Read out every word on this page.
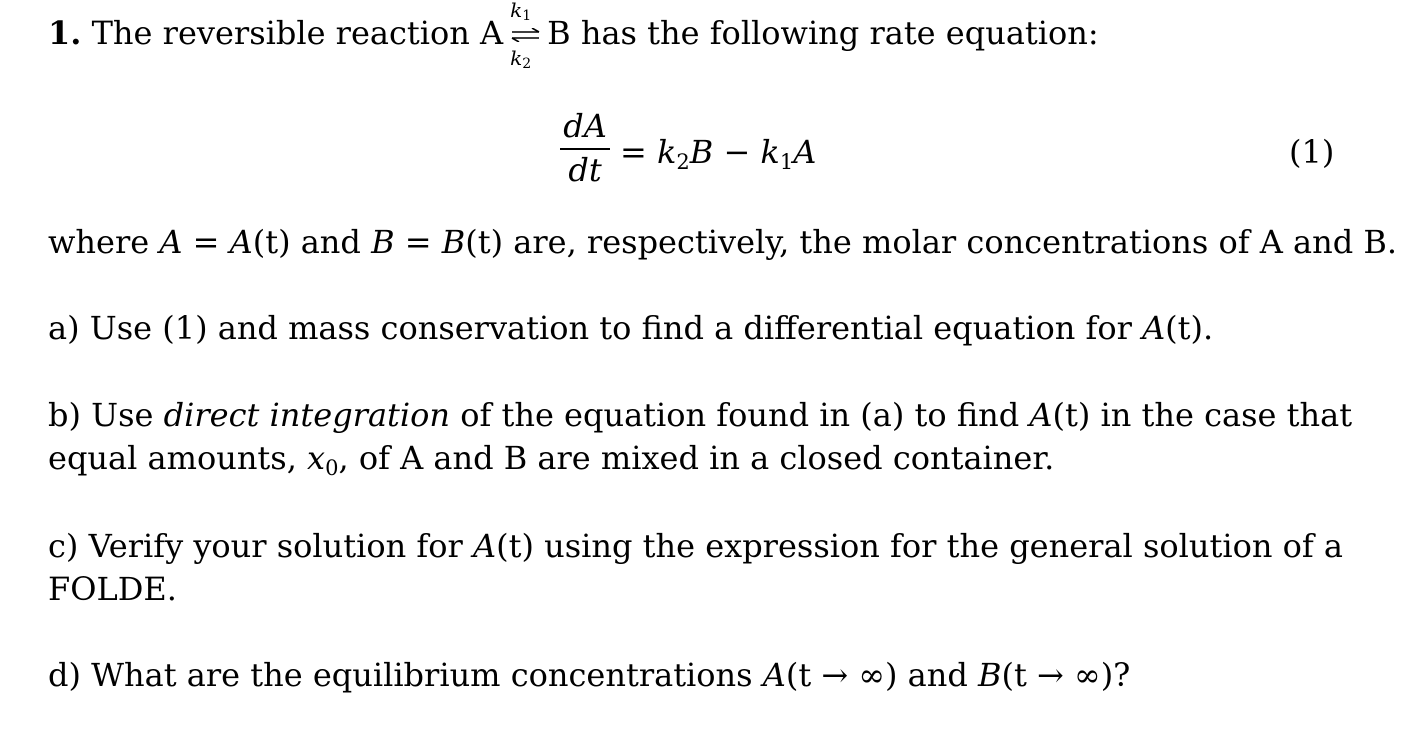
1. The reversible reaction A
k1
k2
B has the following rate equation:
dA
dt = $k_2B - k_1A$	(1)
where A = A(t) and B = B(t) are, respectively, the molar concentrations of A and B.
a) Use (1) and mass conservation to find a differential equation for A(t).
b) Use direct integration of the equation found in (a) to find A(t) in the case that
equal amounts, $x_0$, of A and B are mixed in a closed container.
c) Verify your solution for A(t) using the expression for the general solution of a
FOLDE.
d) What are the equilibrium concentrations A(t → ∞) and B(t → ∞)?
